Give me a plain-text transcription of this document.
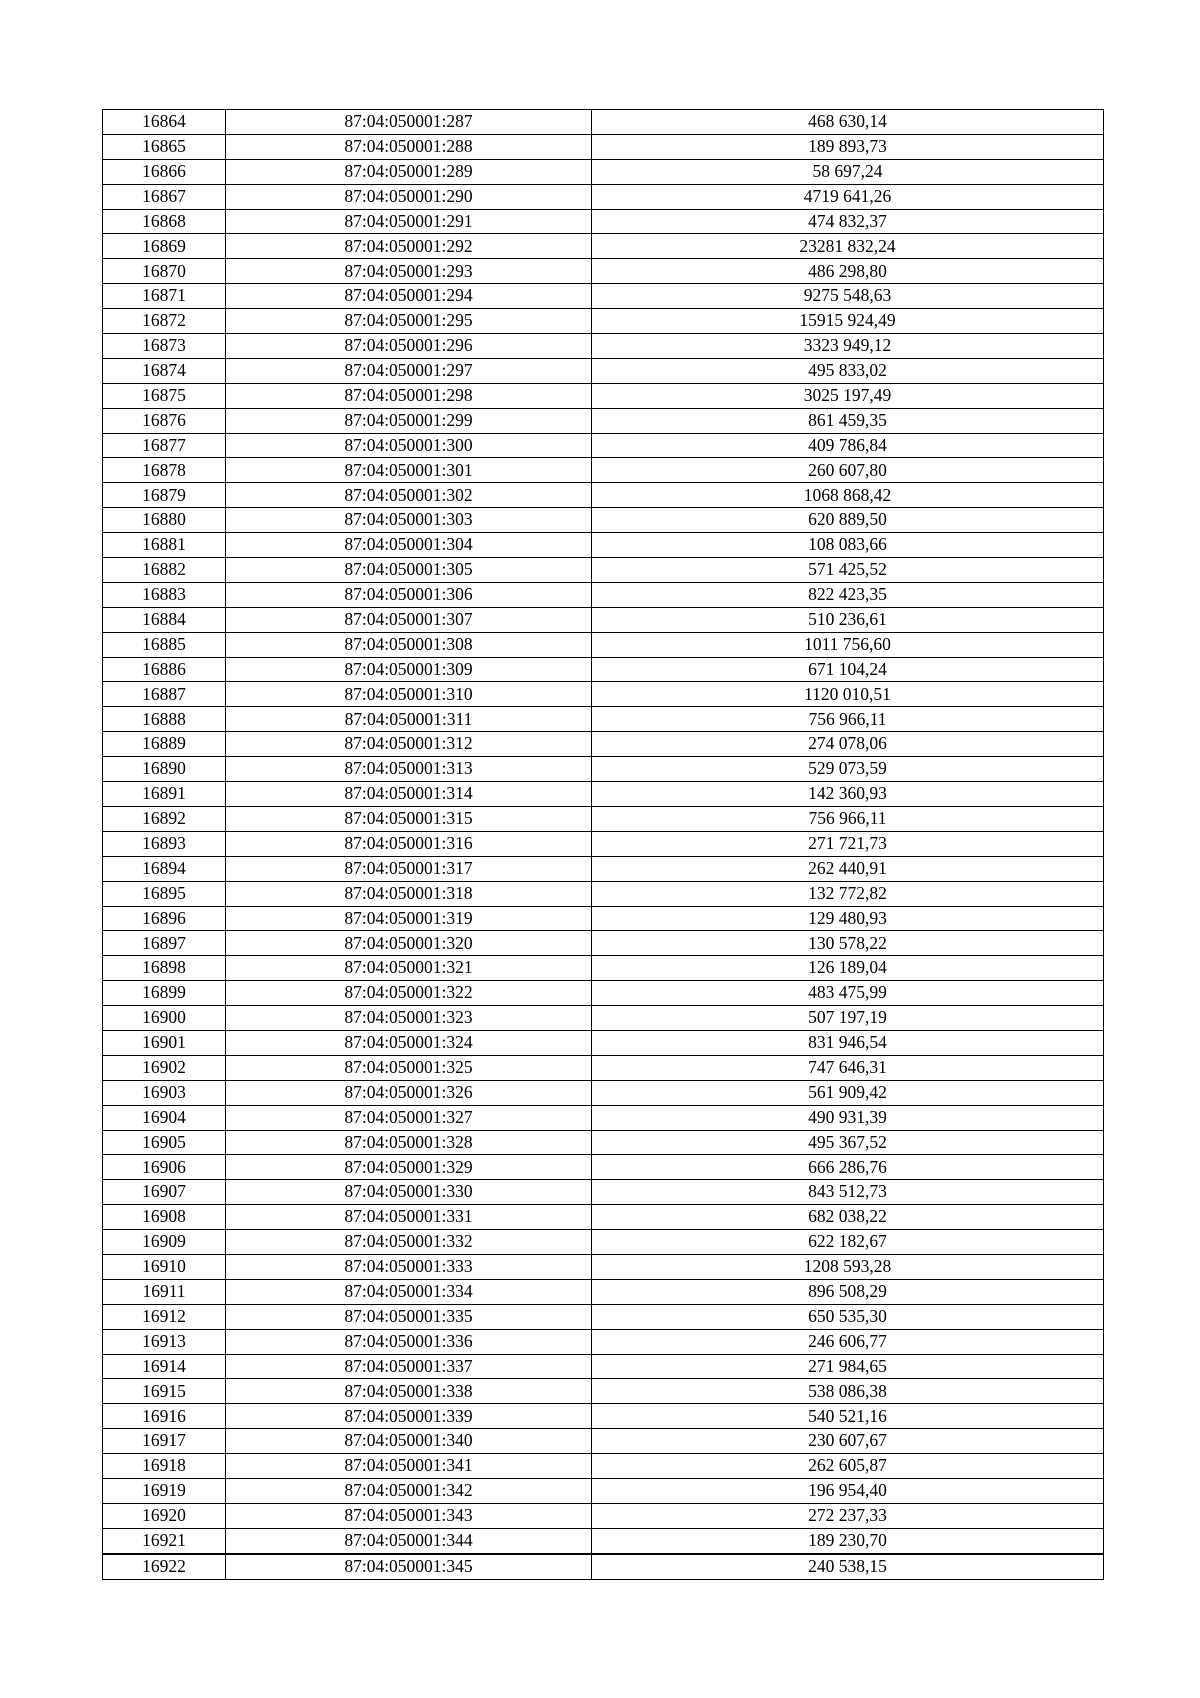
16864	87:04:050001:287	468 630,14
16865	87:04:050001:288	189 893,73
16866	87:04:050001:289	58 697,24
16867	87:04:050001:290	4719 641,26
16868	87:04:050001:291	474 832,37
16869	87:04:050001:292	23281 832,24
16870	87:04:050001:293	486 298,80
16871	87:04:050001:294	9275 548,63
16872	87:04:050001:295	15915 924,49
16873	87:04:050001:296	3323 949,12
16874	87:04:050001:297	495 833,02
16875	87:04:050001:298	3025 197,49
16876	87:04:050001:299	861 459,35
16877	87:04:050001:300	409 786,84
16878	87:04:050001:301	260 607,80
16879	87:04:050001:302	1068 868,42
16880	87:04:050001:303	620 889,50
16881	87:04:050001:304	108 083,66
16882	87:04:050001:305	571 425,52
16883	87:04:050001:306	822 423,35
16884	87:04:050001:307	510 236,61
16885	87:04:050001:308	1011 756,60
16886	87:04:050001:309	671 104,24
16887	87:04:050001:310	1120 010,51
16888	87:04:050001:311	756 966,11
16889	87:04:050001:312	274 078,06
16890	87:04:050001:313	529 073,59
16891	87:04:050001:314	142 360,93
16892	87:04:050001:315	756 966,11
16893	87:04:050001:316	271 721,73
16894	87:04:050001:317	262 440,91
16895	87:04:050001:318	132 772,82
16896	87:04:050001:319	129 480,93
16897	87:04:050001:320	130 578,22
16898	87:04:050001:321	126 189,04
16899	87:04:050001:322	483 475,99
16900	87:04:050001:323	507 197,19
16901	87:04:050001:324	831 946,54
16902	87:04:050001:325	747 646,31
16903	87:04:050001:326	561 909,42
16904	87:04:050001:327	490 931,39
16905	87:04:050001:328	495 367,52
16906	87:04:050001:329	666 286,76
16907	87:04:050001:330	843 512,73
16908	87:04:050001:331	682 038,22
16909	87:04:050001:332	622 182,67
16910	87:04:050001:333	1208 593,28
16911	87:04:050001:334	896 508,29
16912	87:04:050001:335	650 535,30
16913	87:04:050001:336	246 606,77
16914	87:04:050001:337	271 984,65
16915	87:04:050001:338	538 086,38
16916	87:04:050001:339	540 521,16
16917	87:04:050001:340	230 607,67
16918	87:04:050001:341	262 605,87
16919	87:04:050001:342	196 954,40
16920	87:04:050001:343	272 237,33
16921	87:04:050001:344	189 230,70
16922	87:04:050001:345	240 538,15
